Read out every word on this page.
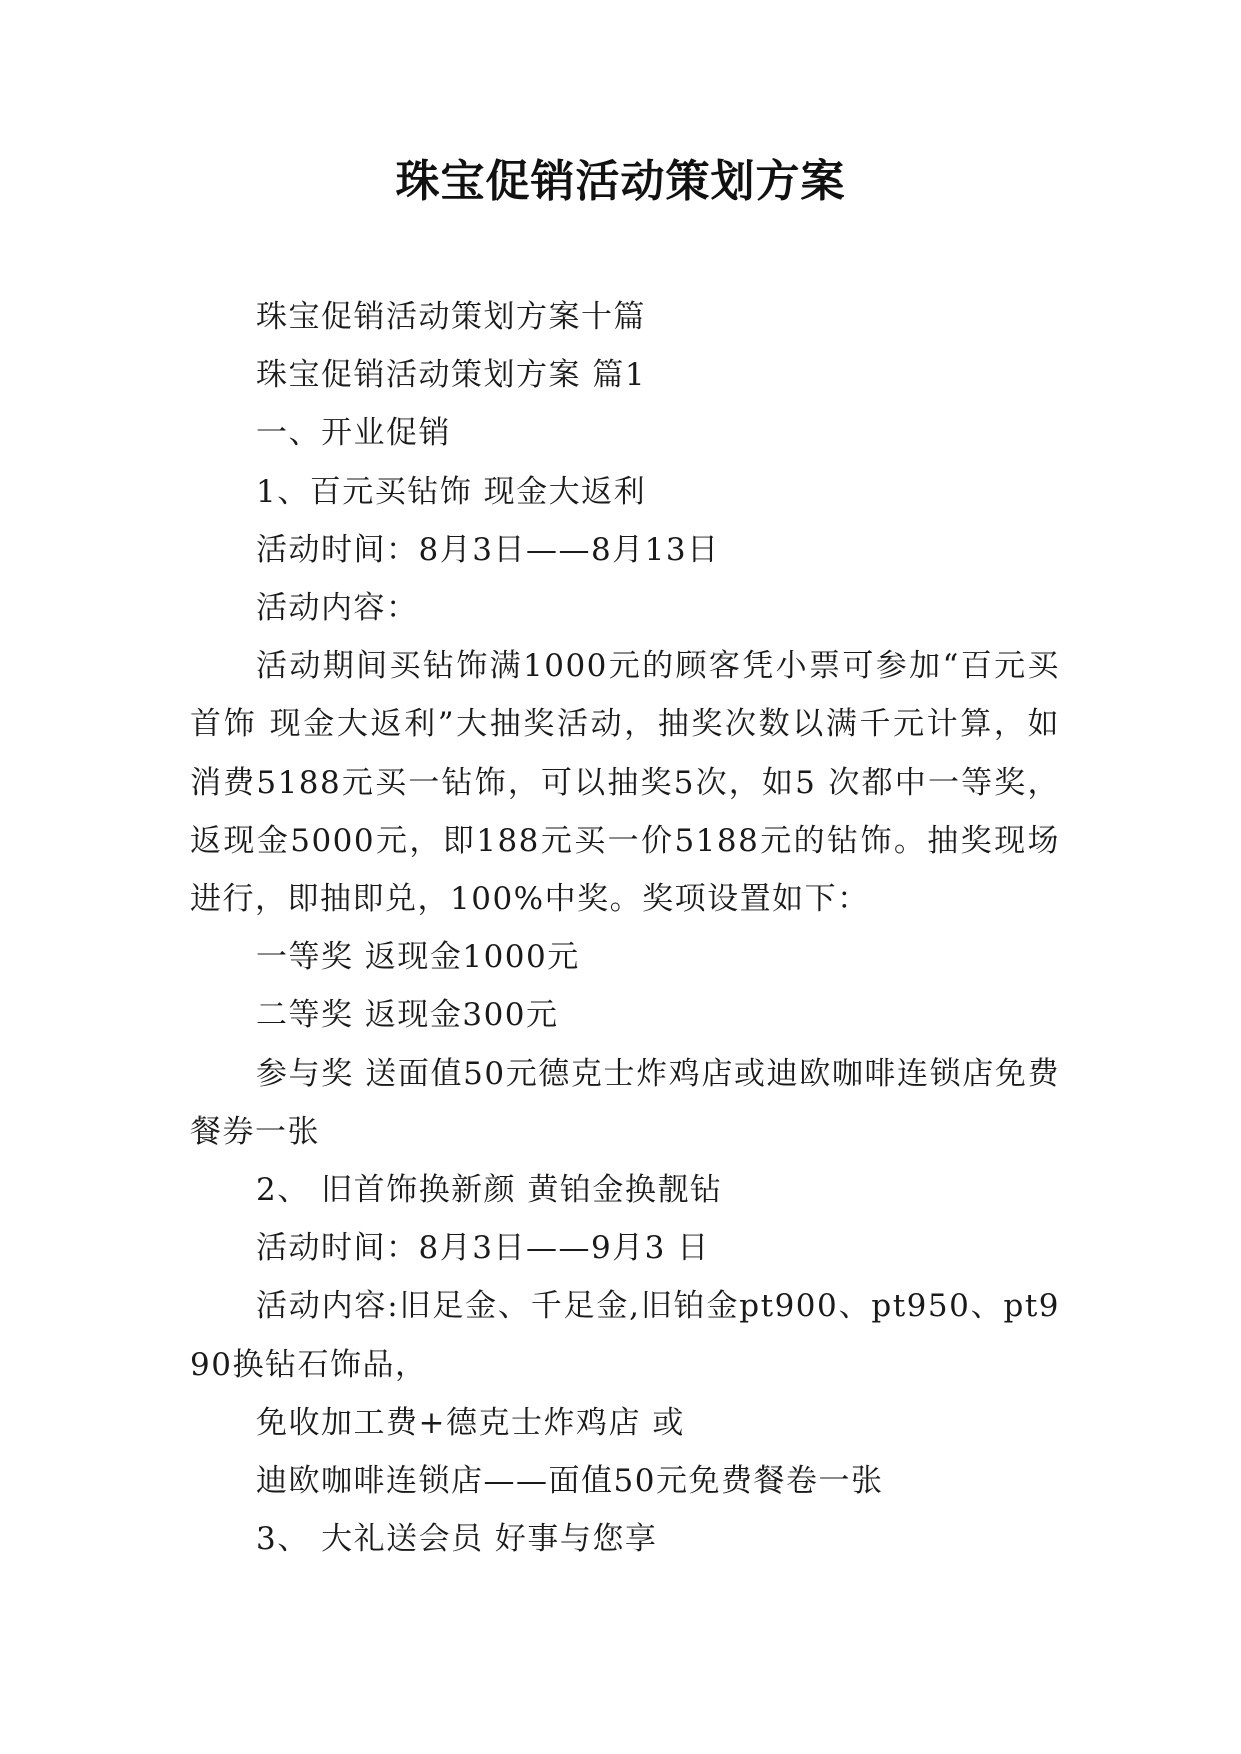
珠宝促销活动策划方案

珠宝促销活动策划方案十篇

珠宝促销活动策划方案 篇1

一、开业促销

1、百元买钻饰 现金大返利

活动时间：8月3日——8月13日

活动内容：

活动期间买钻饰满1000元的顾客凭小票可参加“百元买首饰 现金大返利”大抽奖活动，抽奖次数以满千元计算，如消费5188元买一钻饰，可以抽奖5次，如5 次都中一等奖，返现金5000元，即188元买一价5188元的钻饰。抽奖现场进行，即抽即兑，100%中奖。奖项设置如下：

一等奖 返现金1000元

二等奖 返现金300元

参与奖 送面值50元德克士炸鸡店或迪欧咖啡连锁店免费餐券一张

2、 旧首饰换新颜 黄铂金换靓钻

活动时间：8月3日——9月3 日

活动内容:旧足金、千足金,旧铂金pt900、pt950、pt990换钻石饰品，

免收加工费+德克士炸鸡店 或

迪欧咖啡连锁店——面值50元免费餐卷一张

3、 大礼送会员 好事与您享
